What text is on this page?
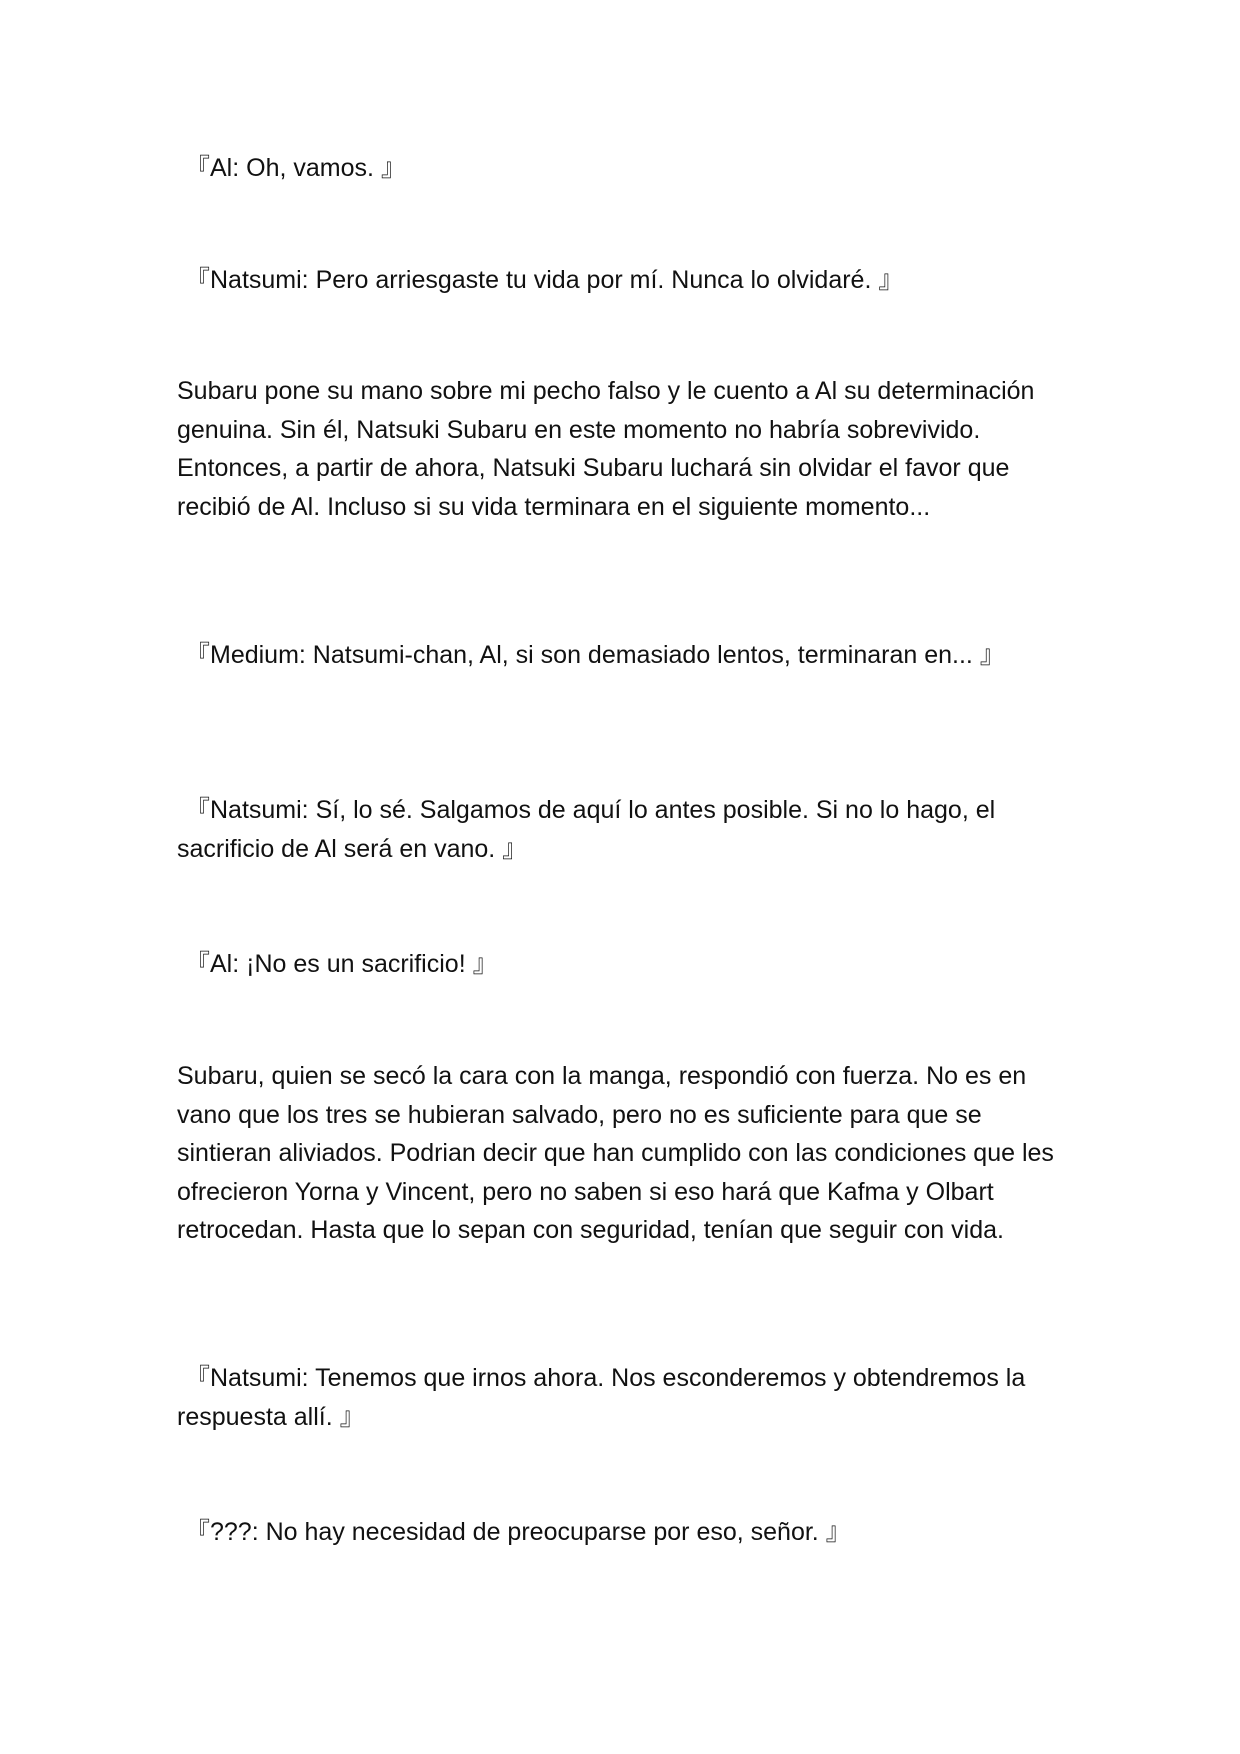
『Al: Oh, vamos. 』

『Natsumi: Pero arriesgaste tu vida por mí. Nunca lo olvidaré. 』

Subaru pone su mano sobre mi pecho falso y le cuento a Al su determinación genuina. Sin él, Natsuki Subaru en este momento no habría sobrevivido. Entonces, a partir de ahora, Natsuki Subaru luchará sin olvidar el favor que recibió de Al. Incluso si su vida terminara en el siguiente momento...

『Medium: Natsumi-chan, Al, si son demasiado lentos, terminaran en... 』

『Natsumi: Sí, lo sé. Salgamos de aquí lo antes posible. Si no lo hago, el sacrificio de Al será en vano. 』

『Al: ¡No es un sacrificio! 』

Subaru, quien se secó la cara con la manga, respondió con fuerza. No es en vano que los tres se hubieran salvado, pero no es suficiente para que se sintieran aliviados. Podrian decir que han cumplido con las condiciones que les ofrecieron Yorna y Vincent, pero no saben si eso hará que Kafma y Olbart retrocedan. Hasta que lo sepan con seguridad, tenían que seguir con vida.

『Natsumi: Tenemos que irnos ahora. Nos esconderemos y obtendremos la respuesta allí. 』

『???: No hay necesidad de preocuparse por eso, señor. 』
